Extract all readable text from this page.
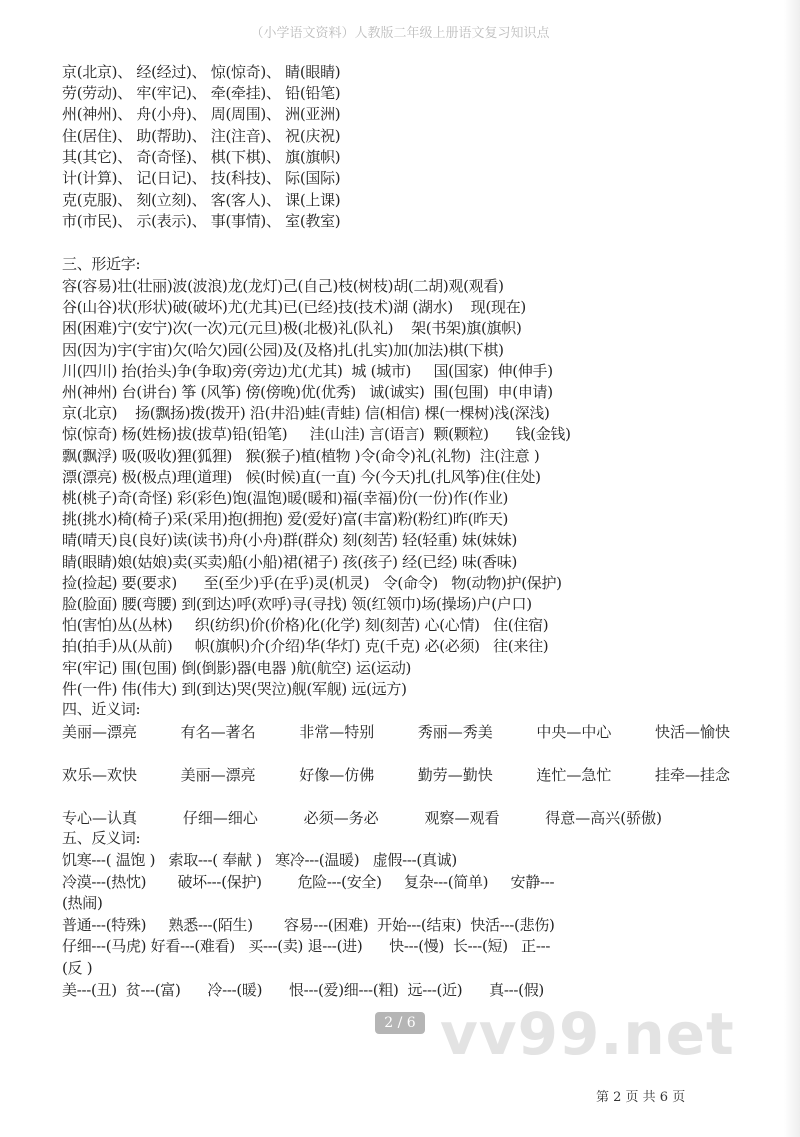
（小学语文资料）人教版二年级上册语文复习知识点
京(北京)、 经(经过)、 惊(惊奇)、 睛(眼睛)
劳(劳动)、 牢(牢记)、 牵(牵挂)、 铅(铅笔)
州(神州)、 舟(小舟)、 周(周围)、 洲(亚洲)
住(居住)、 助(帮助)、 注(注音)、 祝(庆祝)
其(其它)、 奇(奇怪)、 棋(下棋)、 旗(旗帜)
计(计算)、 记(日记)、 技(科技)、 际(国际)
克(克服)、 刻(立刻)、 客(客人)、 课(上课)
市(市民)、 示(表示)、 事(事情)、 室(教室)
三、形近字:
容(容易)壮(壮丽)波(波浪)龙(龙灯)己(自己)枝(树枝)胡(二胡)观(观看)
谷(山谷)状(形状)破(破坏)尤(尤其)已(已经)技(技术)湖 (湖水)    现(现在)
困(困难)宁(安宁)次(一次)元(元旦)极(北极)礼(队礼)    架(书架)旗(旗帜)
因(因为)宇(宇宙)欠(哈欠)园(公园)及(及格)扎(扎实)加(加法)棋(下棋)
川(四川) 抬(抬头)争(争取)旁(旁边)尤(尤其)  城 (城市)     国(国家)  伸(伸手)
州(神州) 台(讲台) 筝 (风筝) 傍(傍晚)优(优秀)   诚(诚实)  围(包围)  申(申请)
京(北京)    扬(飘扬)拨(拨开) 沿(井沿)蛙(青蛙) 信(相信) 棵(一棵树)浅(深浅)
惊(惊奇) 杨(姓杨)拔(拔草)铅(铅笔)     洼(山洼) 言(语言)  颗(颗粒)      钱(金钱)
飘(飘浮) 吸(吸收)狸(狐狸)   猴(猴子)植(植物 )令(命令)礼(礼物)  注(注意 )
漂(漂亮) 极(极点)理(道理)   候(时候)直(一直) 今(今天)扎(扎风筝)住(住处)
桃(桃子)奇(奇怪) 彩(彩色)饱(温饱)暖(暖和)福(幸福)份(一份)作(作业)
挑(挑水)椅(椅子)采(采用)抱(拥抱) 爱(爱好)富(丰富)粉(粉红)昨(昨天)
晴(晴天)良(良好)读(读书)舟(小舟)群(群众) 刻(刻苦) 轻(轻重) 妹(妹妹)
睛(眼睛)娘(姑娘)卖(买卖)船(小船)裙(裙子) 孩(孩子) 经(已经) 味(香味)
捡(捡起) 要(要求)      至(至少)乎(在乎)灵(机灵)   令(命令)   物(动物)护(保护)
脸(脸面) 腰(弯腰) 到(到达)呼(欢呼)寻(寻找) 领(红领巾)场(操场)户(户口)
怕(害怕)丛(丛林)     织(纺织)价(价格)化(化学) 刻(刻苦) 心(心情)   住(住宿)
拍(拍手)从(从前)     帜(旗帜)介(介绍)华(华灯) 克(千克) 必(必须)   往(来往)
牢(牢记) 围(包围) 倒(倒影)器(电器 )航(航空) 运(运动)
件(一件) 伟(伟大) 到(到达)哭(哭泣)舰(军舰) 远(远方)
四、近义词:
美丽—漂亮	有名—著名	非常—特别	秀丽—秀美	中央—中心	快活—愉快
欢乐—欢快	美丽—漂亮	好像—仿佛	勤劳—勤快	连忙—急忙	挂牵—挂念
专心—认真	仔细—细心	必须—务必	观察—观看	得意—高兴(骄傲)
五、反义词:
饥寒---( 温饱 )   索取---( 奉献 )   寒冷---(温暖)   虚假---(真诚)
冷漠---(热忱)       破坏---(保护)        危险---(安全)     复杂---(简单)     安静---
(热闹)
普通---(特殊)     熟悉---(陌生)       容易---(困难)  开始---(结束)  快活---(悲伤)
仔细---(马虎) 好看---(难看)   买---(卖) 退---(进)      快---(慢)  长---(短)   正---
(反 )
美---(丑)  贫---(富)      冷---(暖)      恨---(爱)细---(粗)  远---(近)      真---(假)
vv99.net
2 / 6
第 2 页 共 6 页
